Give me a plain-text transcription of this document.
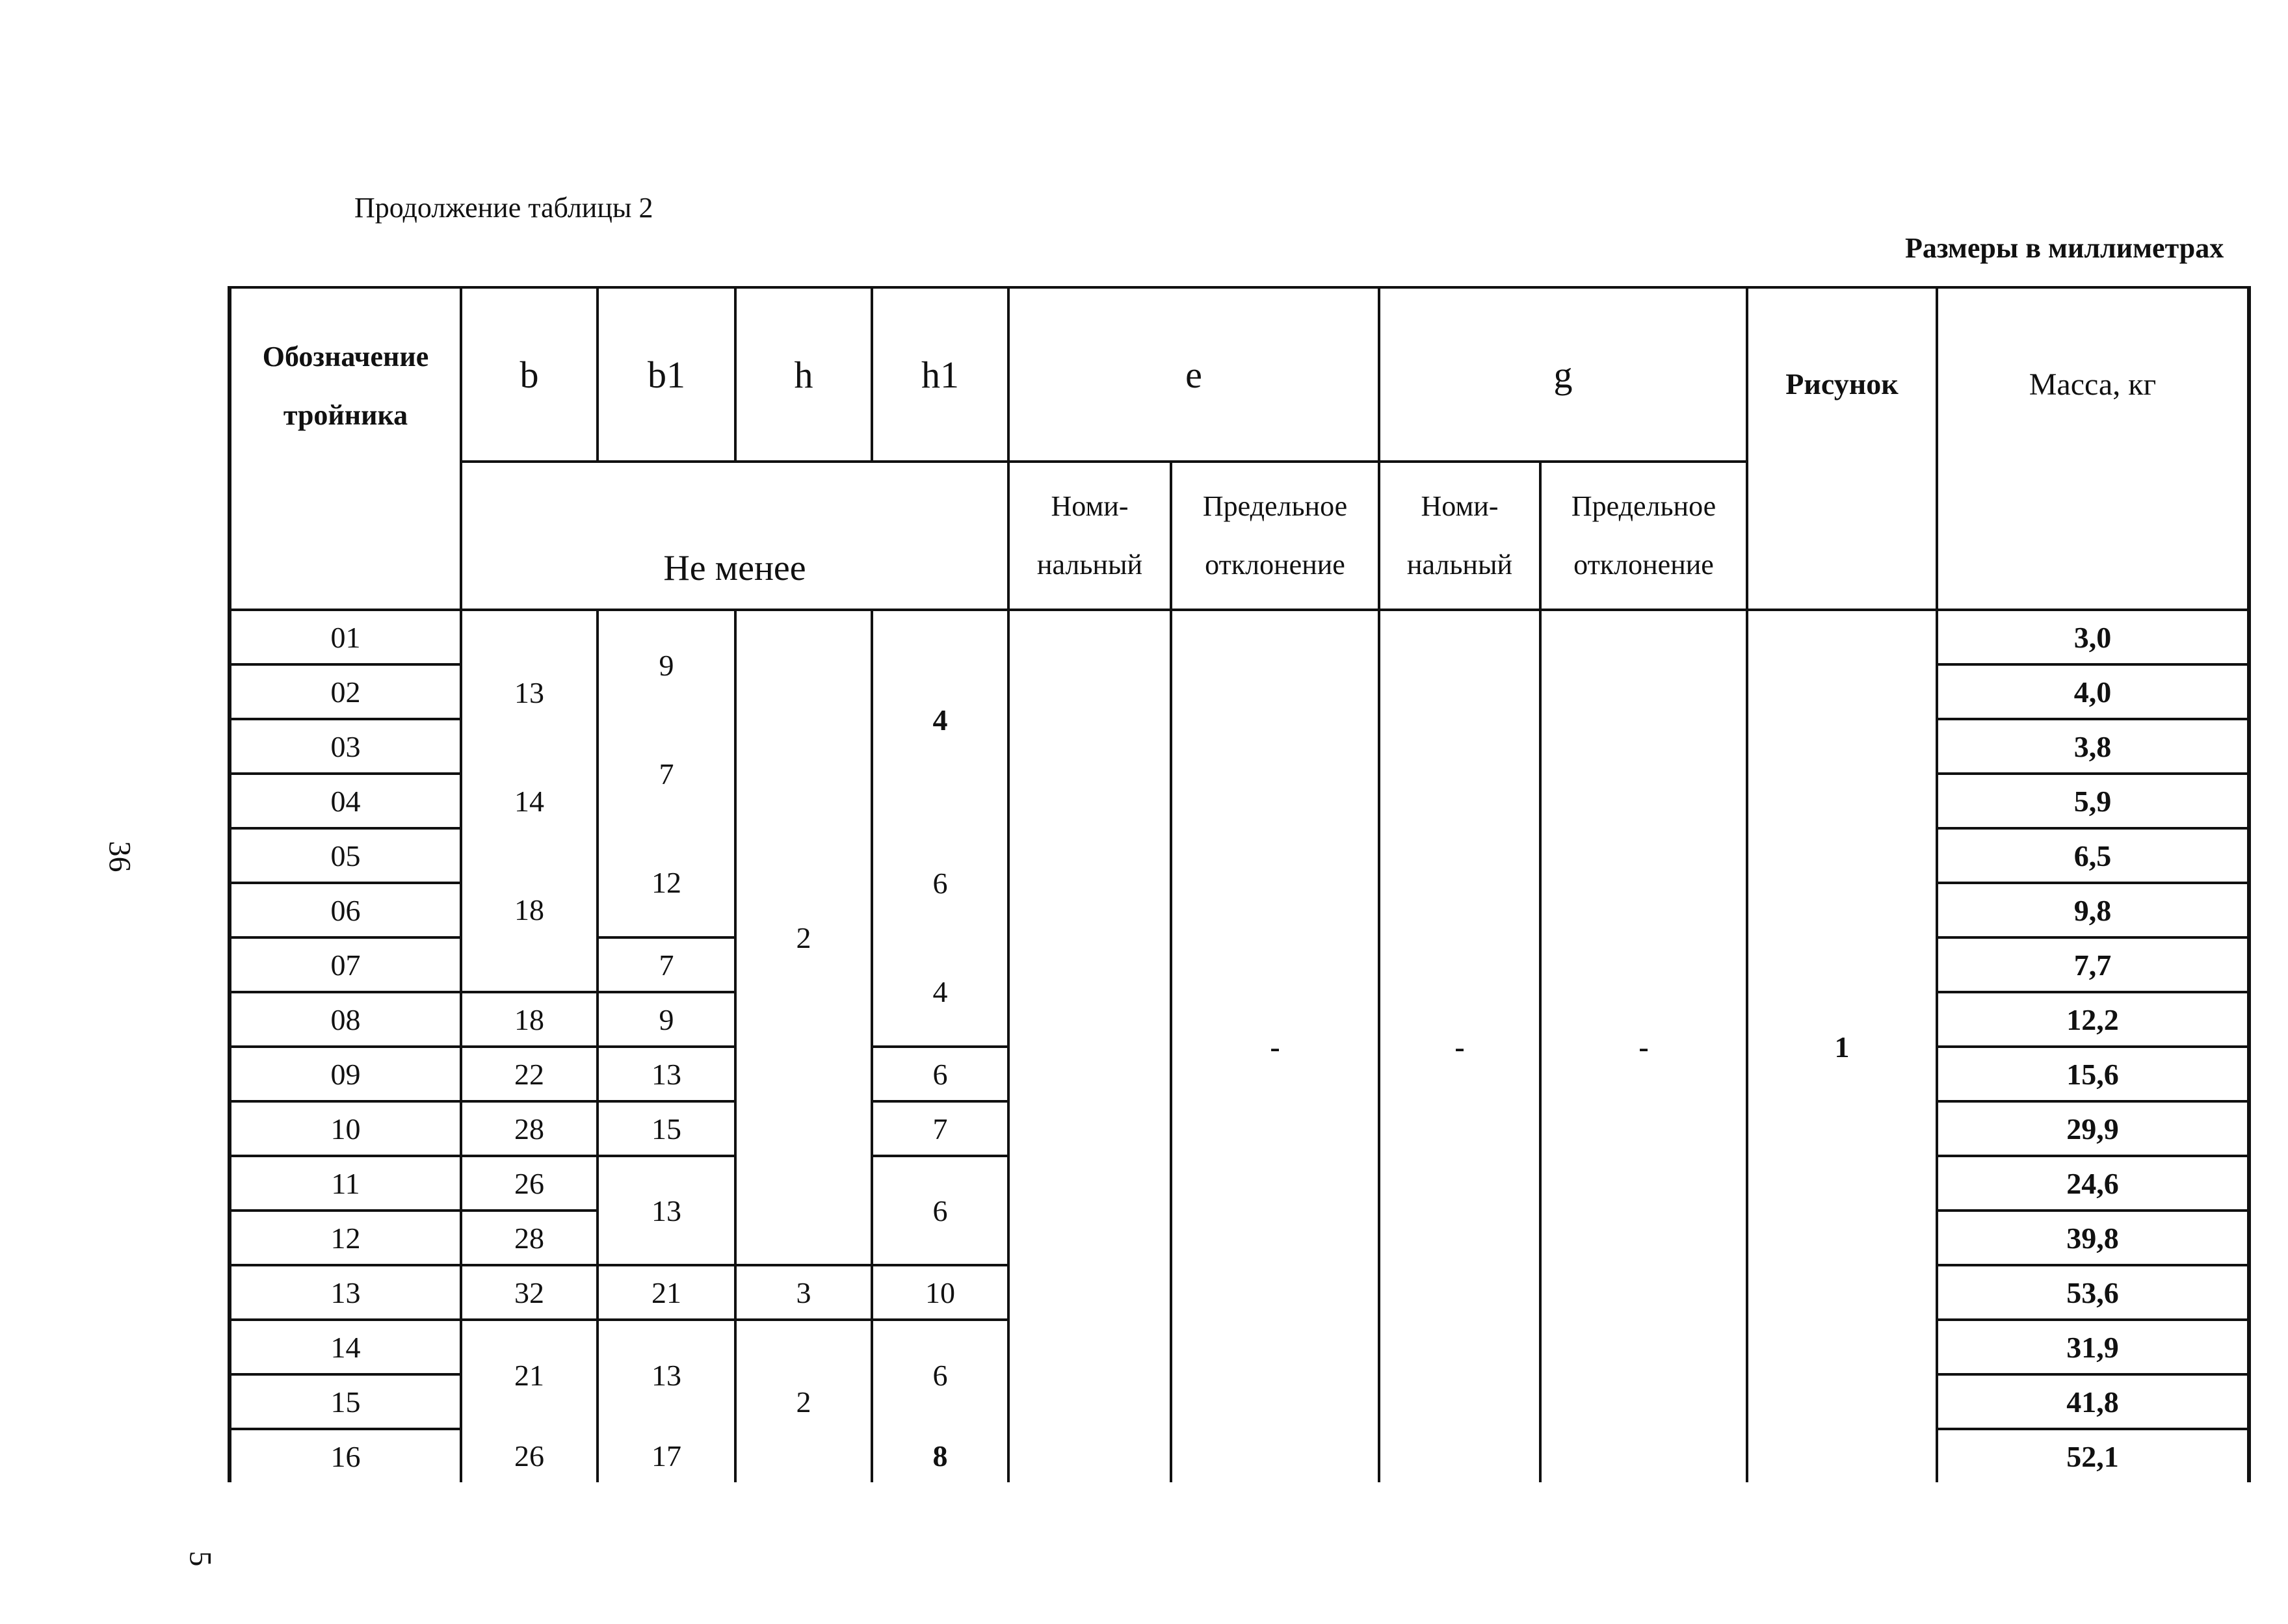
Продолжение таблицы 2
Размеры в миллиметрах
36
5
Обозначение тройника	b	b1	h	h1	e		g		Рисунок	Масса, кг
	Не менее				Номи-нальный	Предельное отклонение	Номи-нальный	Предельное отклонение		
01	13	9	2	4		-	-	-	1	3,0
02										4,0
03		7								3,8
04	14									5,9
05	18	12		6						6,5
06										9,8
07		7		4						7,7
08	18	9								12,2
09	22	13		6						15,6
10	28	15		7						29,9
11	26	13		6						24,6
12	28									39,8
13	32	21	3	10						53,6
14	21	13	2	6						31,9
15										41,8
16	26	17		8						52,1
